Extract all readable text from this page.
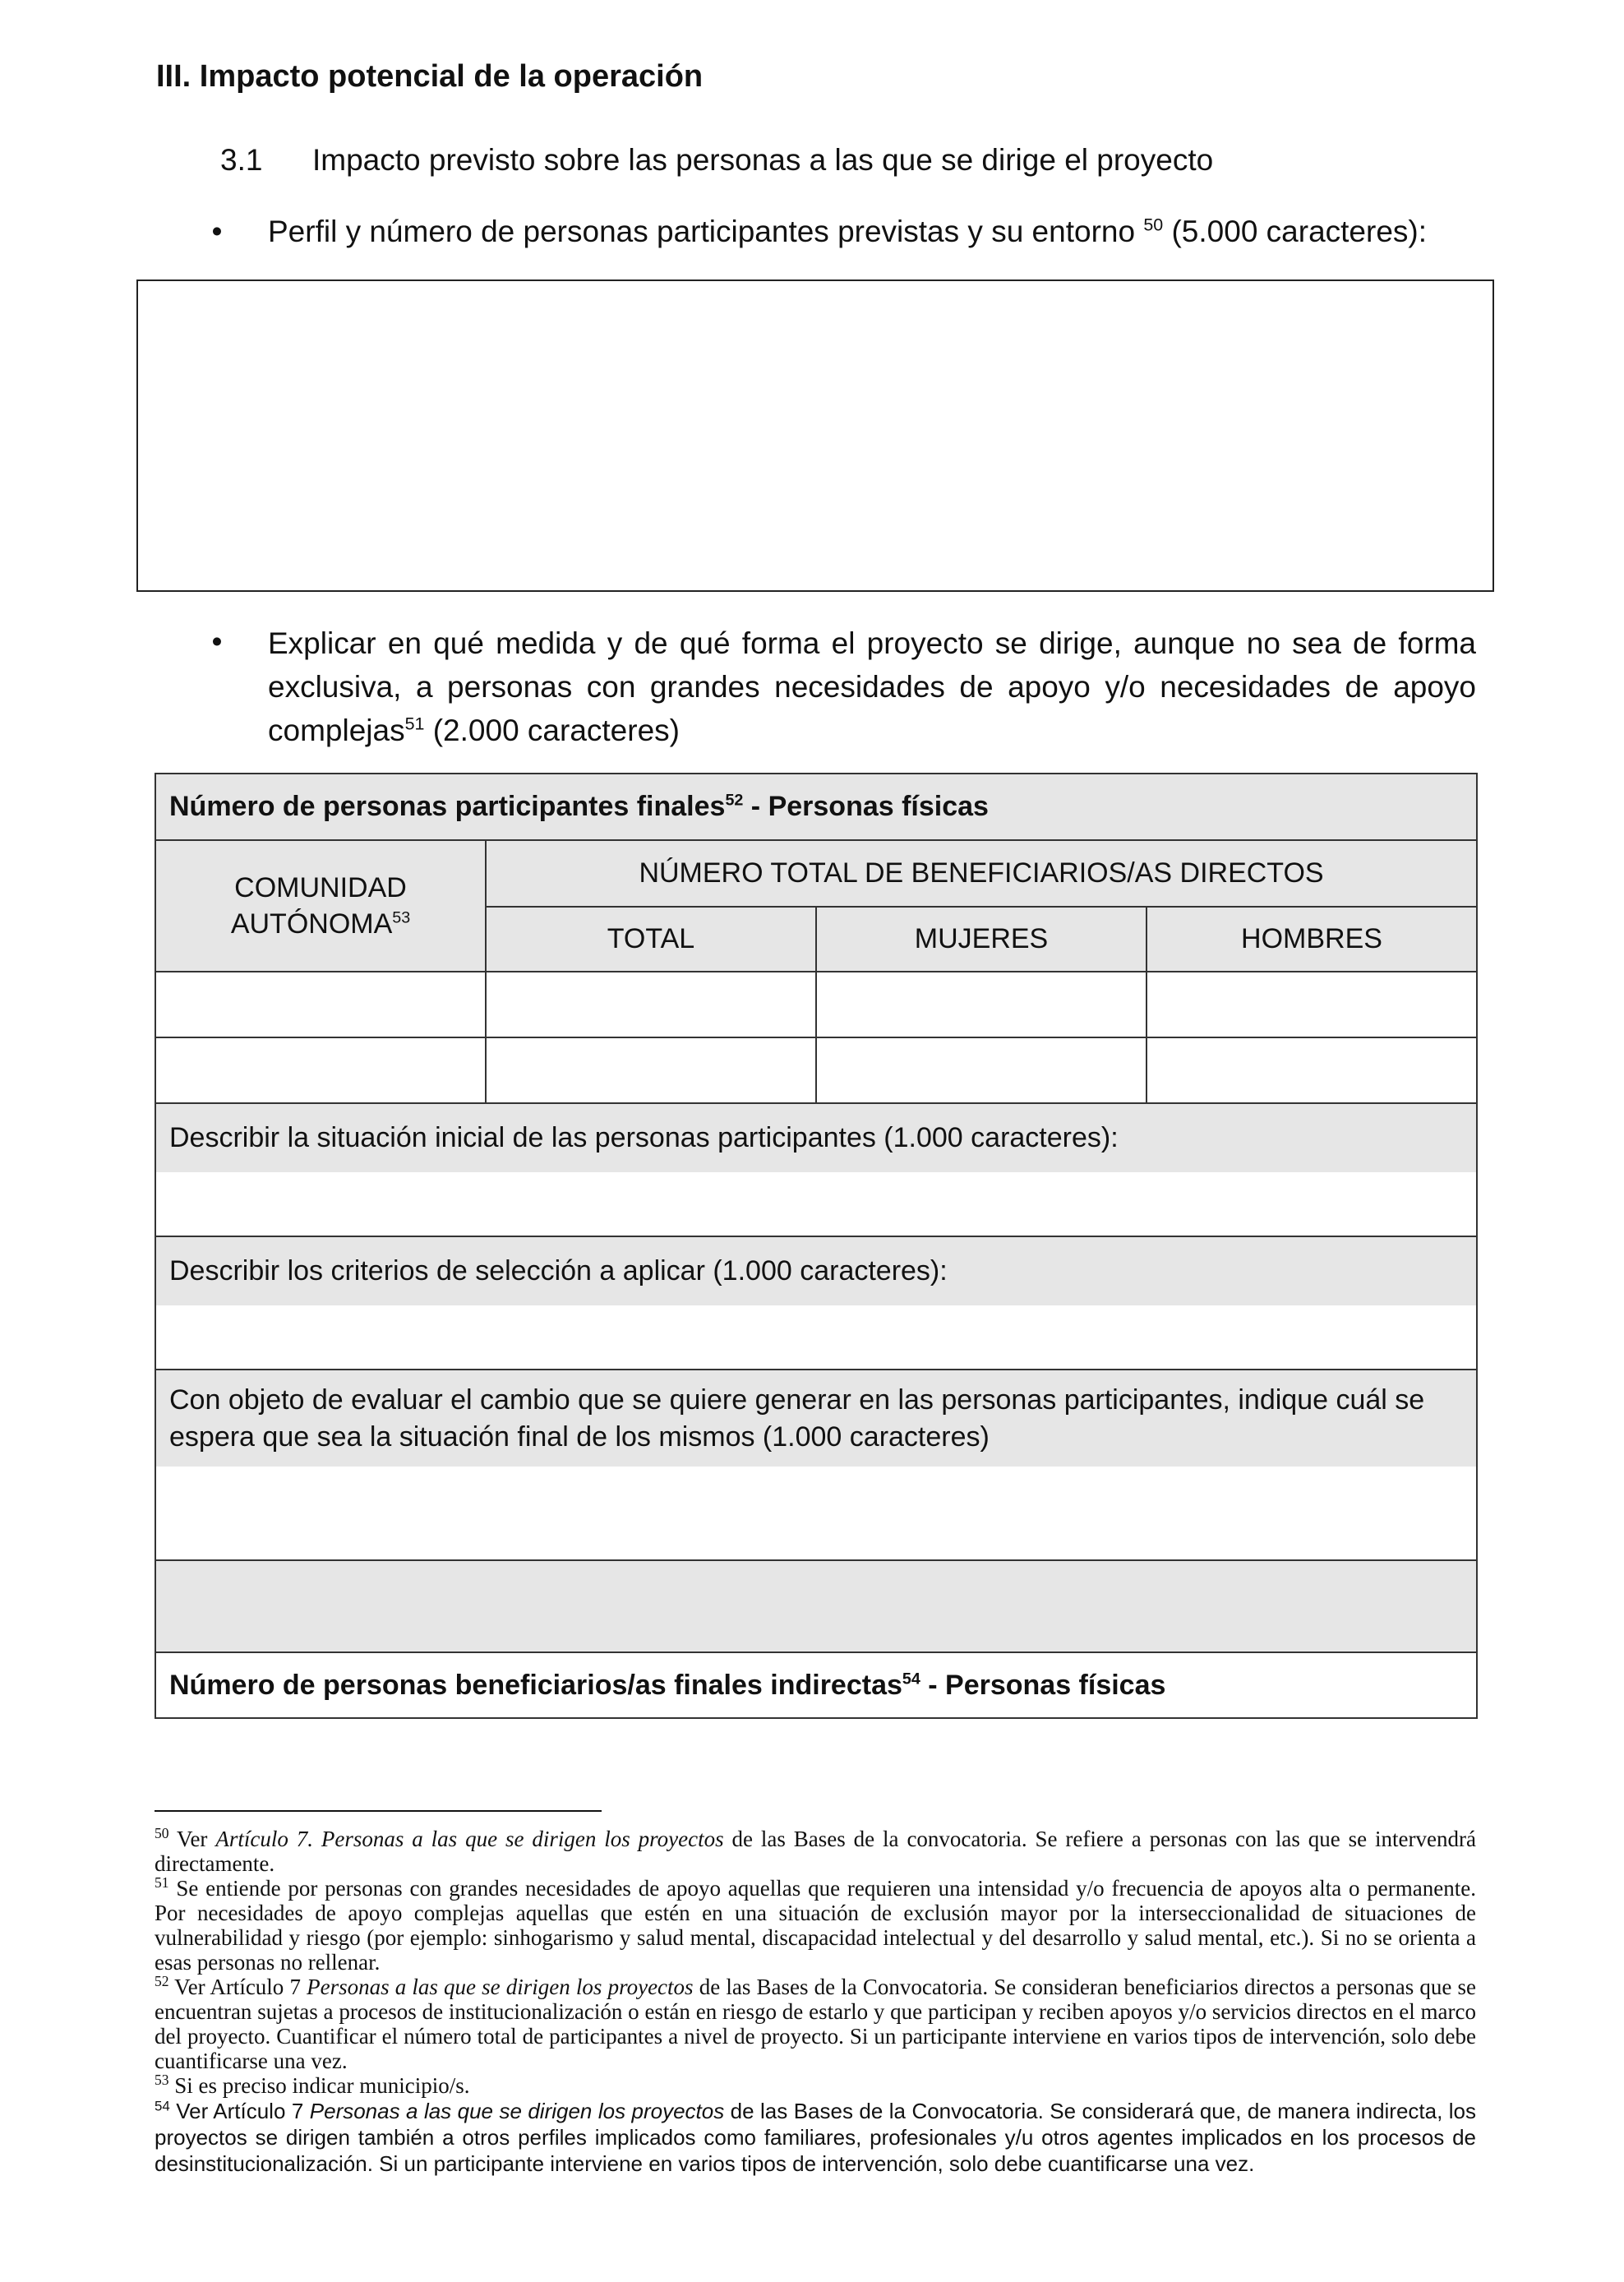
III. Impacto potencial de la operación
3.1 Impacto previsto sobre las personas a las que se dirige el proyecto
• Perfil y número de personas participantes previstas y su entorno $^{50}$ (5.000 caracteres):
• Explicar en qué medida y de qué forma el proyecto se dirige, aunque no sea de forma exclusiva, a personas con grandes necesidades de apoyo y/o necesidades de apoyo complejas$^{51}$ (2.000 caracteres)
Número de personas participantes finales$^{52}$ - Personas físicas			
COMUNIDAD AUTÓNOMA$^{53}$	NÚMERO TOTAL DE BENEFICIARIOS/AS DIRECTOS		
	TOTAL	MUJERES	HOMBRES

Describir la situación inicial de las personas participantes (1.000 caracteres):			

Describir los criterios de selección a aplicar (1.000 caracteres):			

Con objeto de evaluar el cambio que se quiere generar en las personas participantes, indique cuál se espera que sea la situación final de los mismos (1.000 caracteres)			

Número de personas beneficiarios/as finales indirectas$^{54}$ - Personas físicas			

$^{50}$ Ver Artículo 7. Personas a las que se dirigen los proyectos de las Bases de la convocatoria. Se refiere a personas con las que se intervendrá directamente.

$^{51}$ Se entiende por personas con grandes necesidades de apoyo aquellas que requieren una intensidad y/o frecuencia de apoyos alta o permanente. Por necesidades de apoyo complejas aquellas que estén en una situación de exclusión mayor por la interseccionalidad de situaciones de vulnerabilidad y riesgo (por ejemplo: sinhogarismo y salud mental, discapacidad intelectual y del desarrollo y salud mental, etc.). Si no se orienta a esas personas no rellenar.

$^{52}$ Ver Artículo 7 Personas a las que se dirigen los proyectos de las Bases de la Convocatoria. Se consideran beneficiarios directos a personas que se encuentran sujetas a procesos de institucionalización o están en riesgo de estarlo y que participan y reciben apoyos y/o servicios directos en el marco del proyecto. Cuantificar el número total de participantes a nivel de proyecto. Si un participante interviene en varios tipos de intervención, solo debe cuantificarse una vez.

$^{53}$ Si es preciso indicar municipio/s.

$^{54}$ Ver Artículo 7 Personas a las que se dirigen los proyectos de las Bases de la Convocatoria. Se considerará que, de manera indirecta, los proyectos se dirigen también a otros perfiles implicados como familiares, profesionales y/u otros agentes implicados en los procesos de desinstitucionalización. Si un participante interviene en varios tipos de intervención, solo debe cuantificarse una vez.
